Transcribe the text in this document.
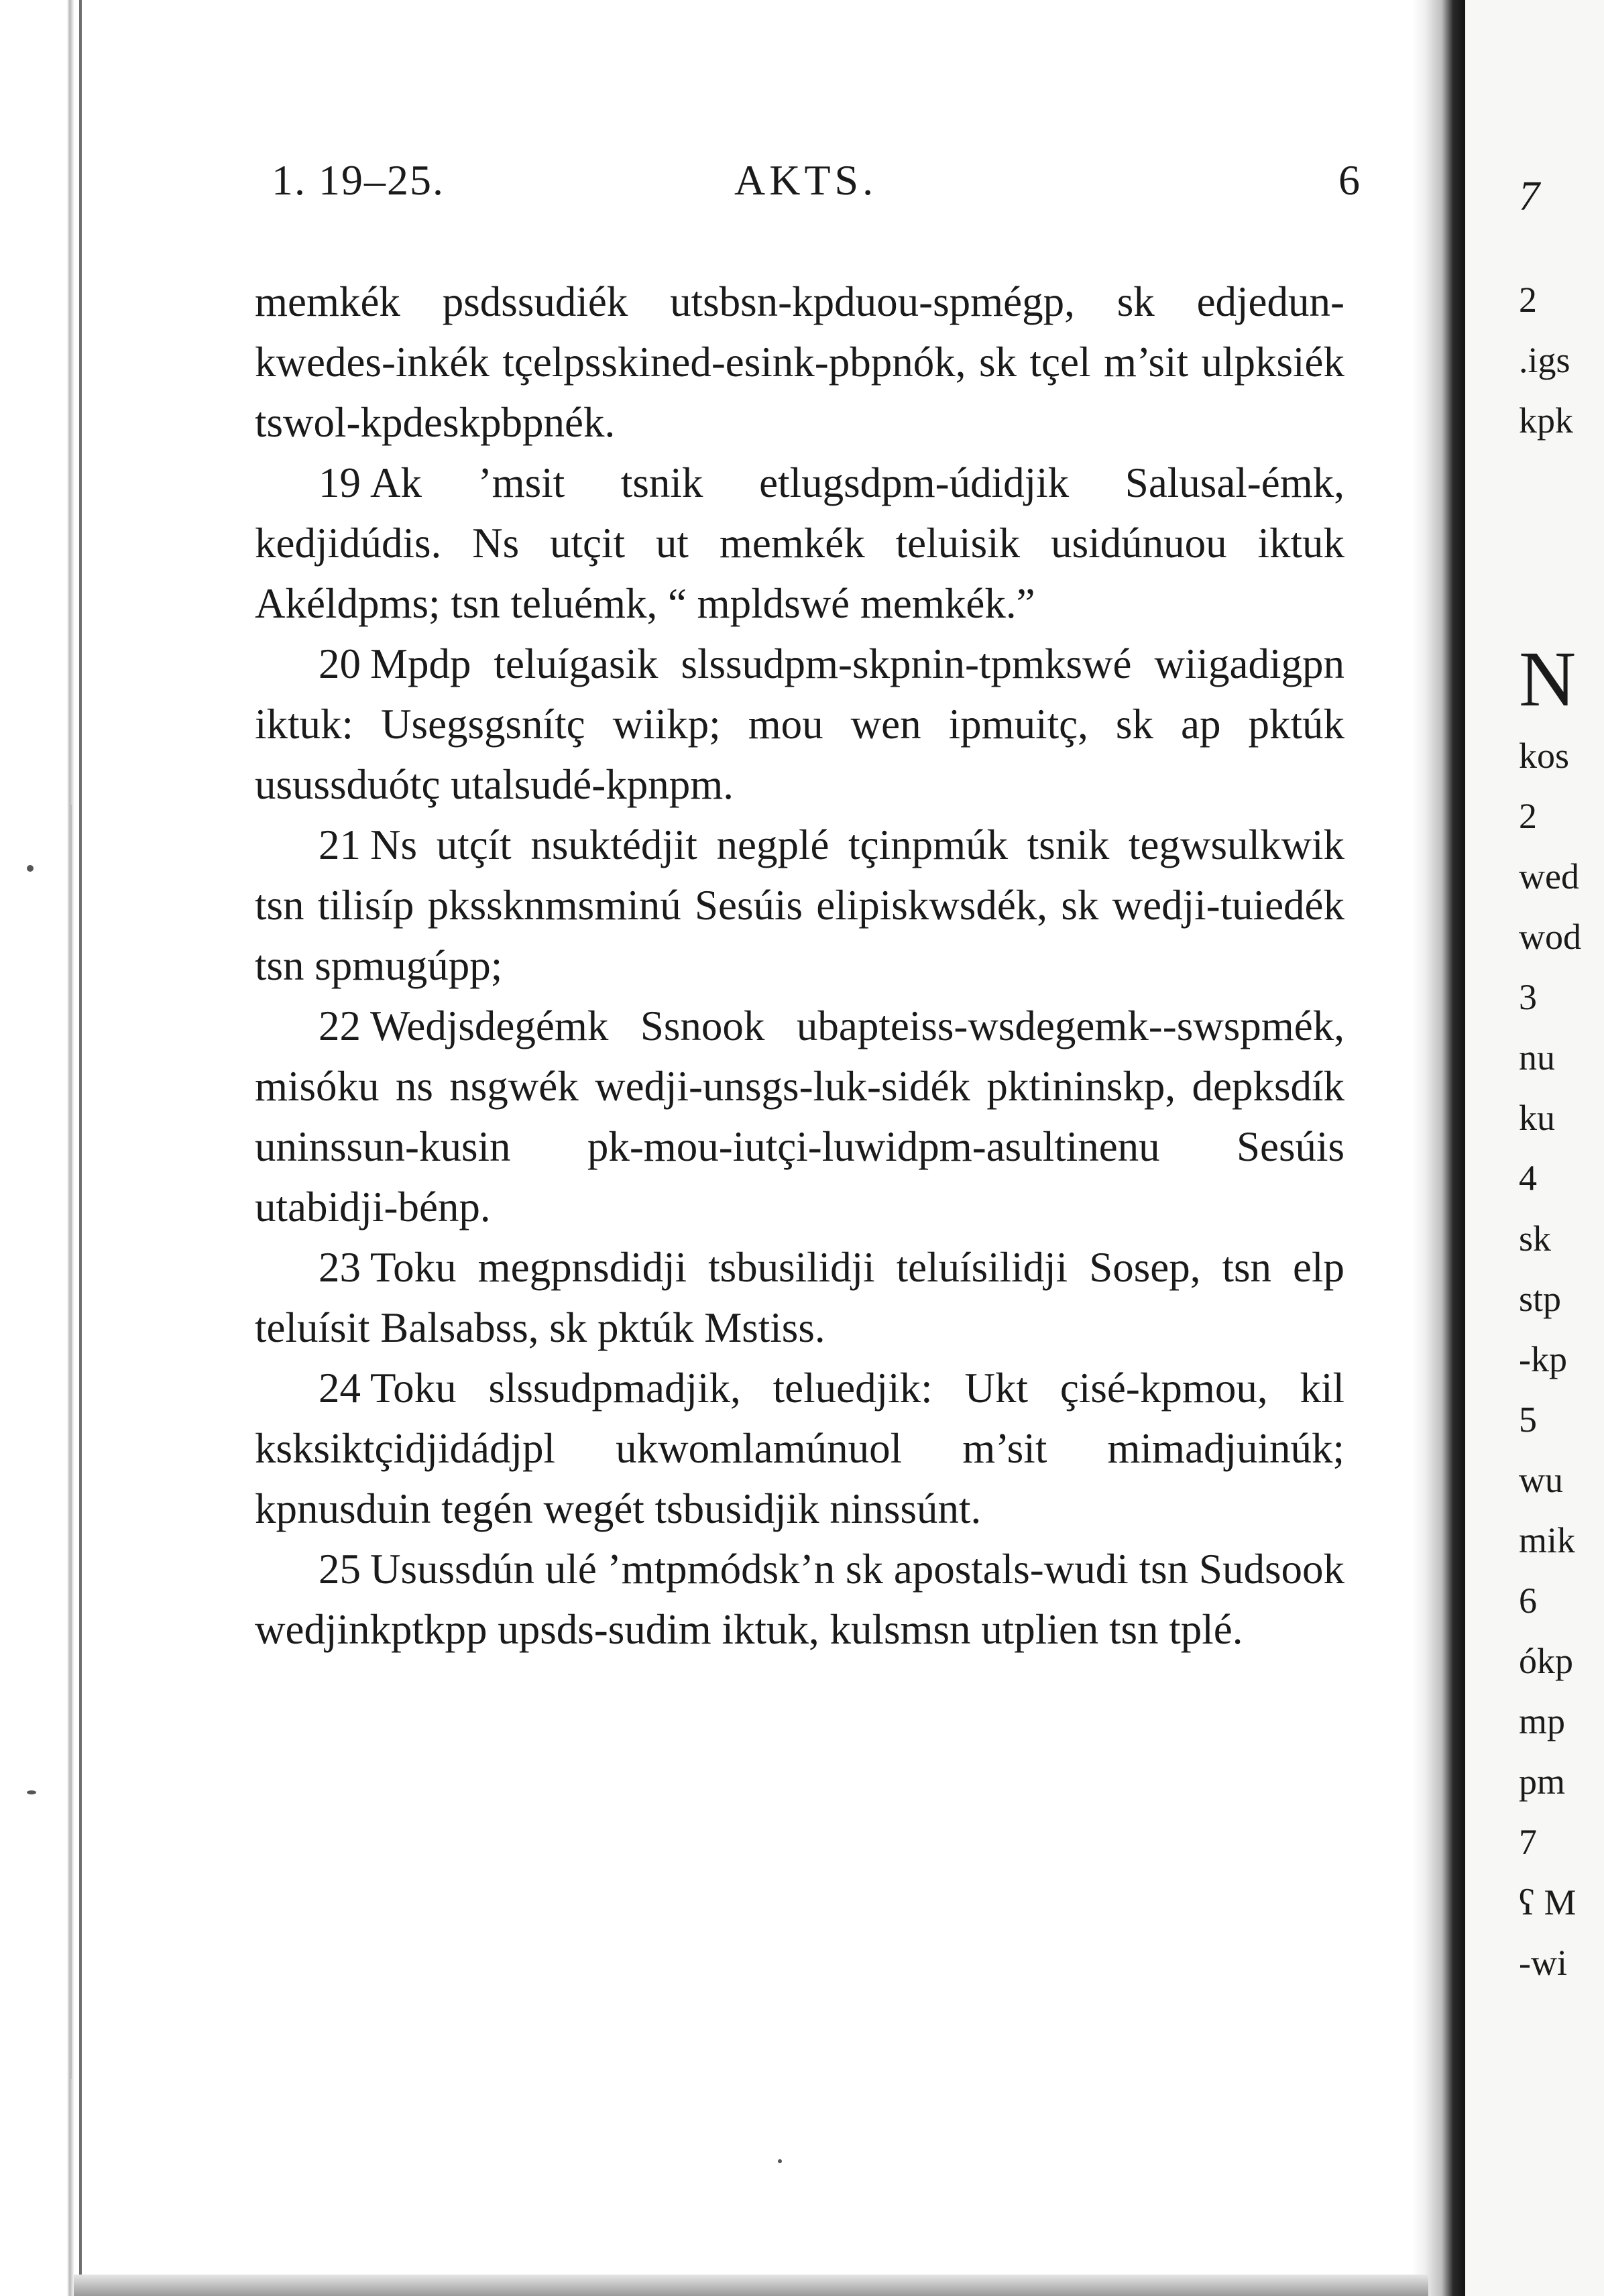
1. 19–25.	AKTS.	6

memkék psdssudiék utsbsn-kpduou-spmégp, sk edjedun-kwedes-inkék tçelpsskined-esink-pbpnók, sk tçel m’sit ulpksiék tswol-kpdeskpbpnék.

19 Ak ’msit tsnik etlugsdpm-údidjik Salusal-émk, kedjidúdis. Ns utçit ut memkék teluisik usidúnuou iktuk Akéldpms; tsn teluémk, “ mpldswé memkék.”

20 Mpdp teluígasik slssudpm-skpnin-tpmkswé wiigadigpn iktuk: Usegsgsnítç wiikp; mou wen ipmuitç, sk ap pktúk usussduótç utalsudé-kpnpm.

21 Ns utçít nsuktédjit negplé tçinpmúk tsnik tegwsulkwik tsn tilisíp pkssknmsminú Sesúis elipiskwsdék, sk wedji-tuiedék tsn spmugúpp;

22 Wedjsdegémk Ssnook ubapteiss-wsdegemk--swspmék, misóku ns nsgwék wedji-unsgs-luk-sidék pktininskp, depksdík uninssun-kusin pk-mou-iutçi-luwidpm-asultinenu Sesúis utabidji-bénp.

23 Toku megpnsdidji tsbusilidji teluísilidji Sosep, tsn elp teluísit Balsabss, sk pktúk Mstiss.

24 Toku slssudpmadjik, teluedjik: Ukt çisé-kpmou, kil ksksiktçidjidádjpl ukwomlamúnuol m’sit mimadjuinúk; kpnusduin tegén wegét tsbusidjik ninssúnt.

25 Usussdún ulé ’mtpmódsk’n sk apostals-wudi tsn Sudsook wedjinkptkpp upsds-sudim iktuk, kulsmsn utplien tsn tplé.

7
N
2
.igs
kpk
kos
2
wed
wod
3
nu
ku
4
sk
stp
-kp
5
wu
mik
6
ókp
mp
pm
7
ʕ M
-wi
